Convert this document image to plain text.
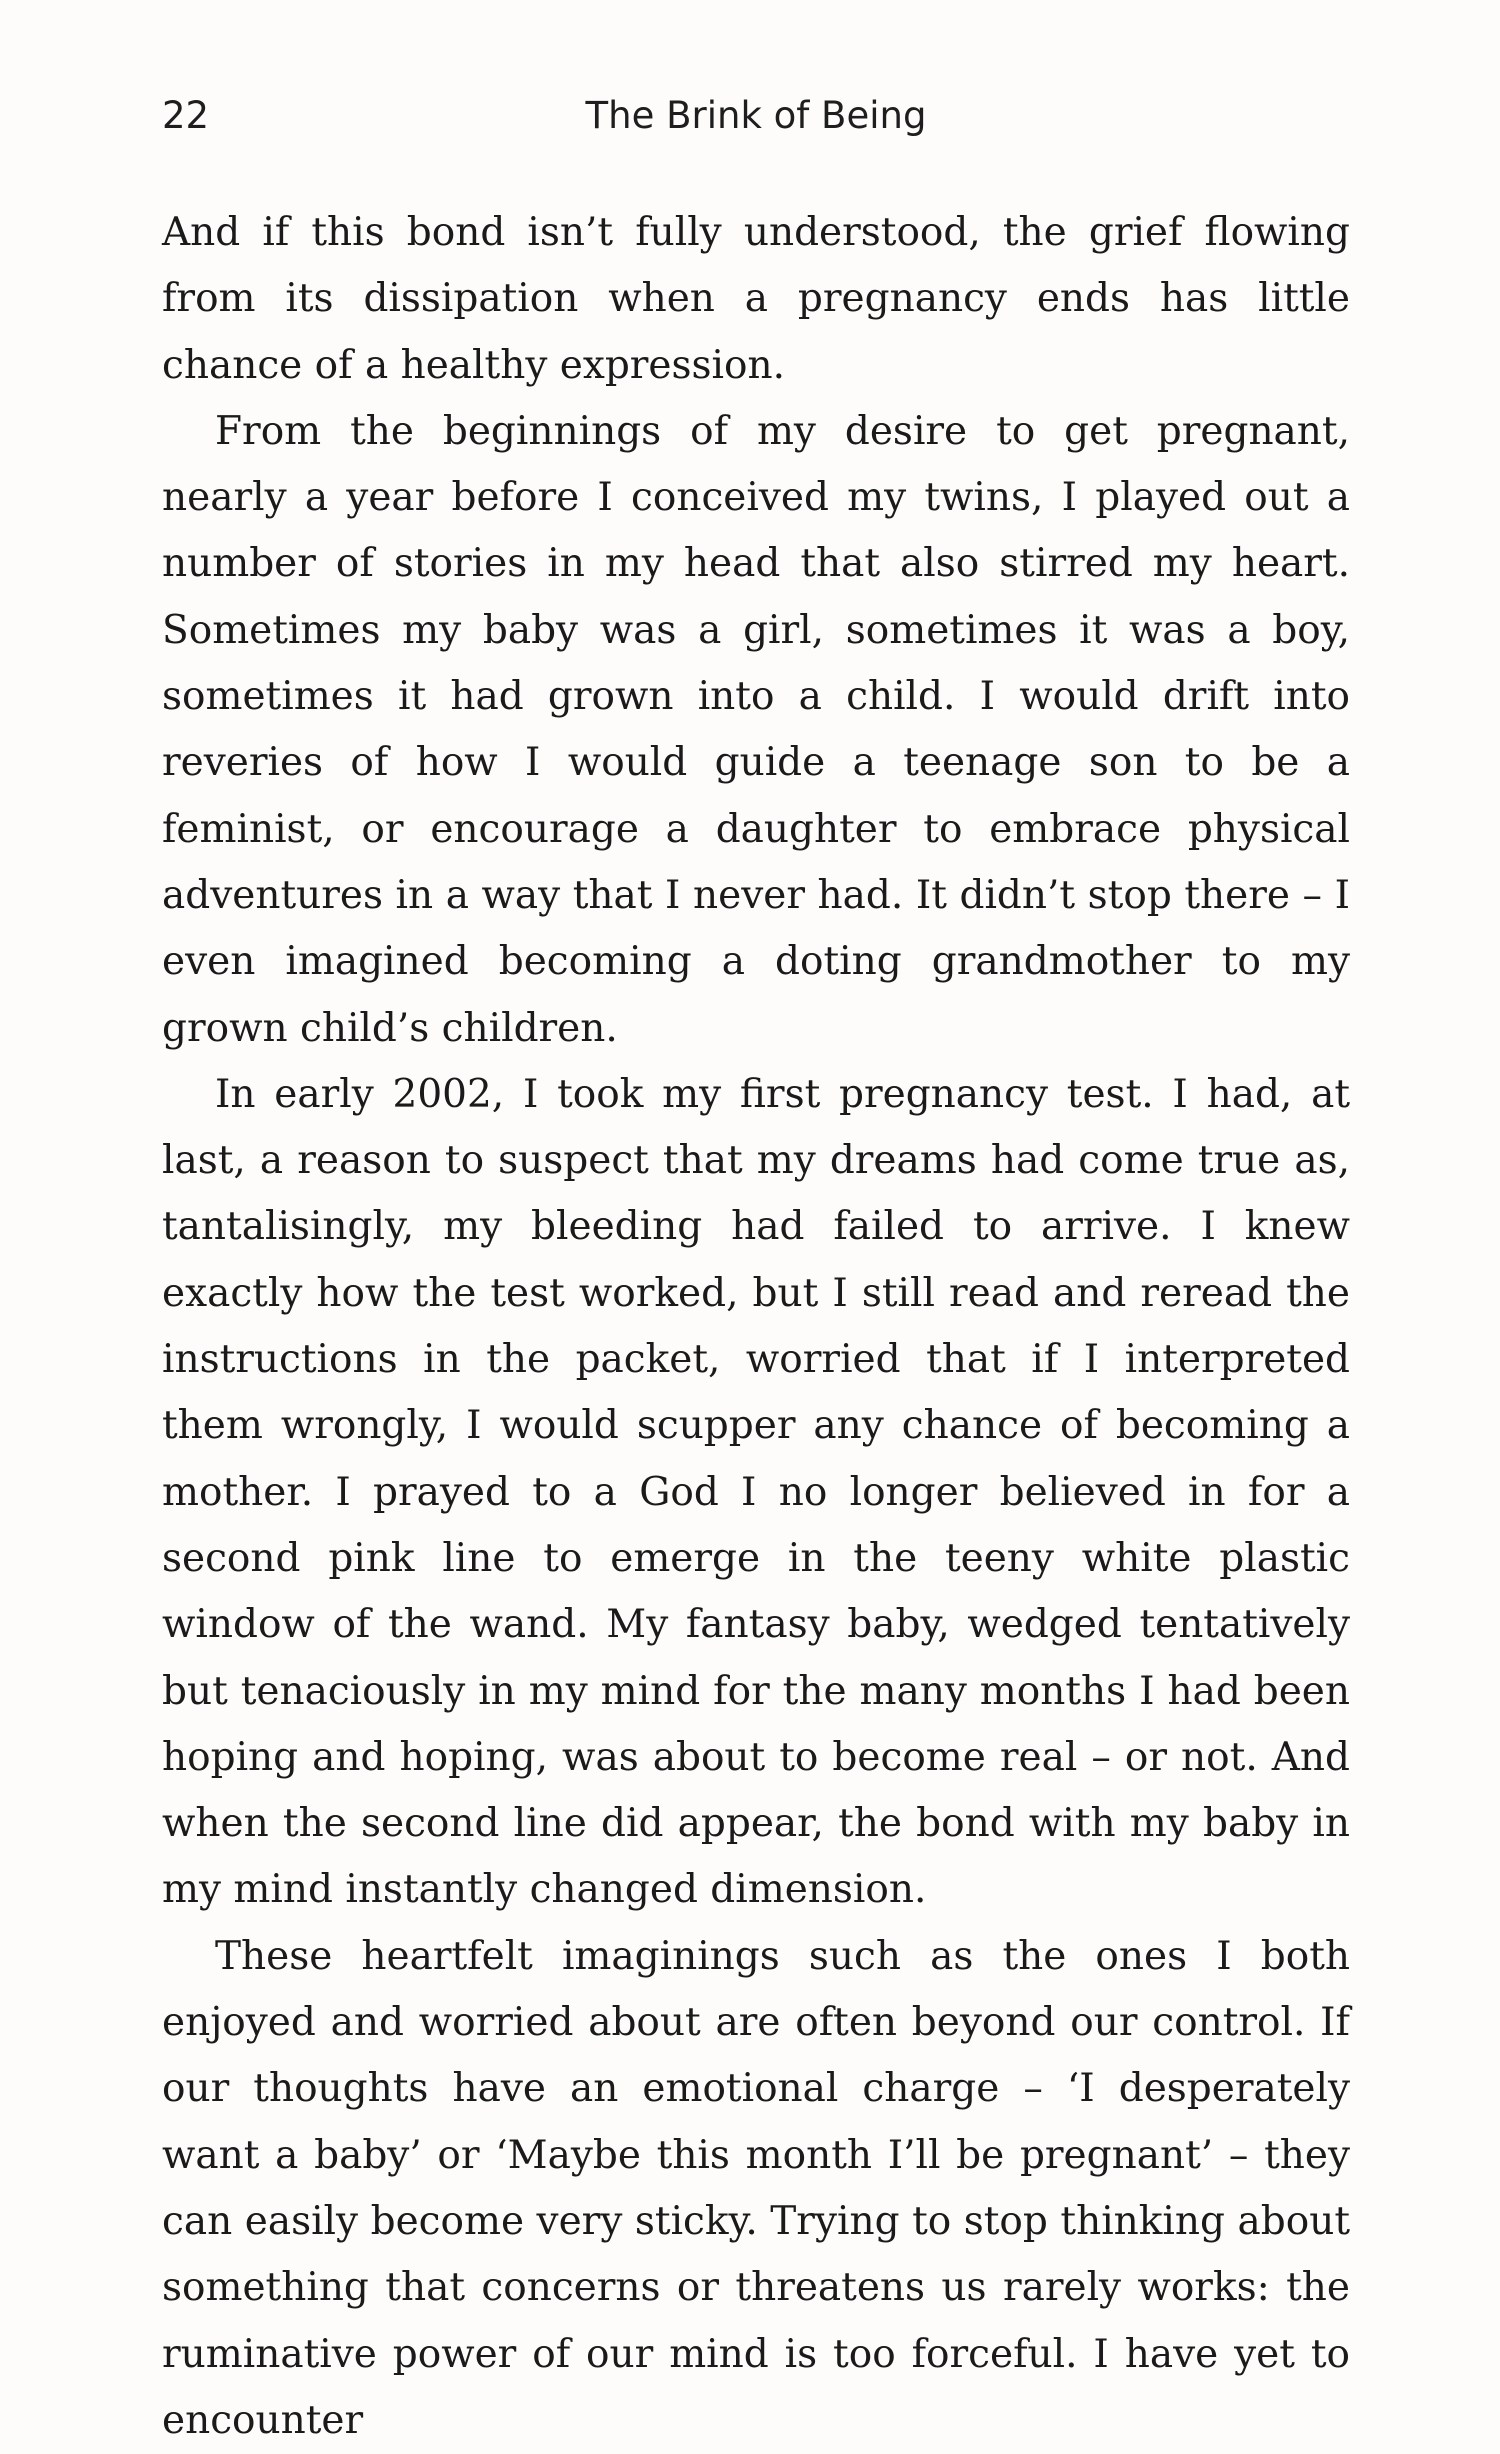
22	The Brink of Being

And if this bond isn’t fully understood, the grief flowing from its dissipation when a pregnancy ends has little chance of a healthy expression.

From the beginnings of my desire to get pregnant, nearly a year before I conceived my twins, I played out a number of stories in my head that also stirred my heart. Sometimes my baby was a girl, sometimes it was a boy, sometimes it had grown into a child. I would drift into reveries of how I would guide a teenage son to be a feminist, or encourage a daughter to embrace physical adventures in a way that I never had. It didn’t stop there – I even imagined becoming a doting grandmother to my grown child’s children.

In early 2002, I took my first pregnancy test. I had, at last, a reason to suspect that my dreams had come true as, tantalisingly, my bleeding had failed to arrive. I knew exactly how the test worked, but I still read and reread the instructions in the packet, worried that if I interpreted them wrongly, I would scupper any chance of becoming a mother. I prayed to a God I no longer believed in for a second pink line to emerge in the teeny white plastic window of the wand. My fantasy baby, wedged tentatively but tenaciously in my mind for the many months I had been hoping and hoping, was about to become real – or not. And when the second line did appear, the bond with my baby in my mind instantly changed dimension.

These heartfelt imaginings such as the ones I both enjoyed and worried about are often beyond our control. If our thoughts have an emotional charge – ‘I desperately want a baby’ or ‘Maybe this month I’ll be pregnant’ – they can easily become very sticky. Trying to stop thinking about something that concerns or threatens us rarely works: the ruminative power of our mind is too forceful. I have yet to encounter
